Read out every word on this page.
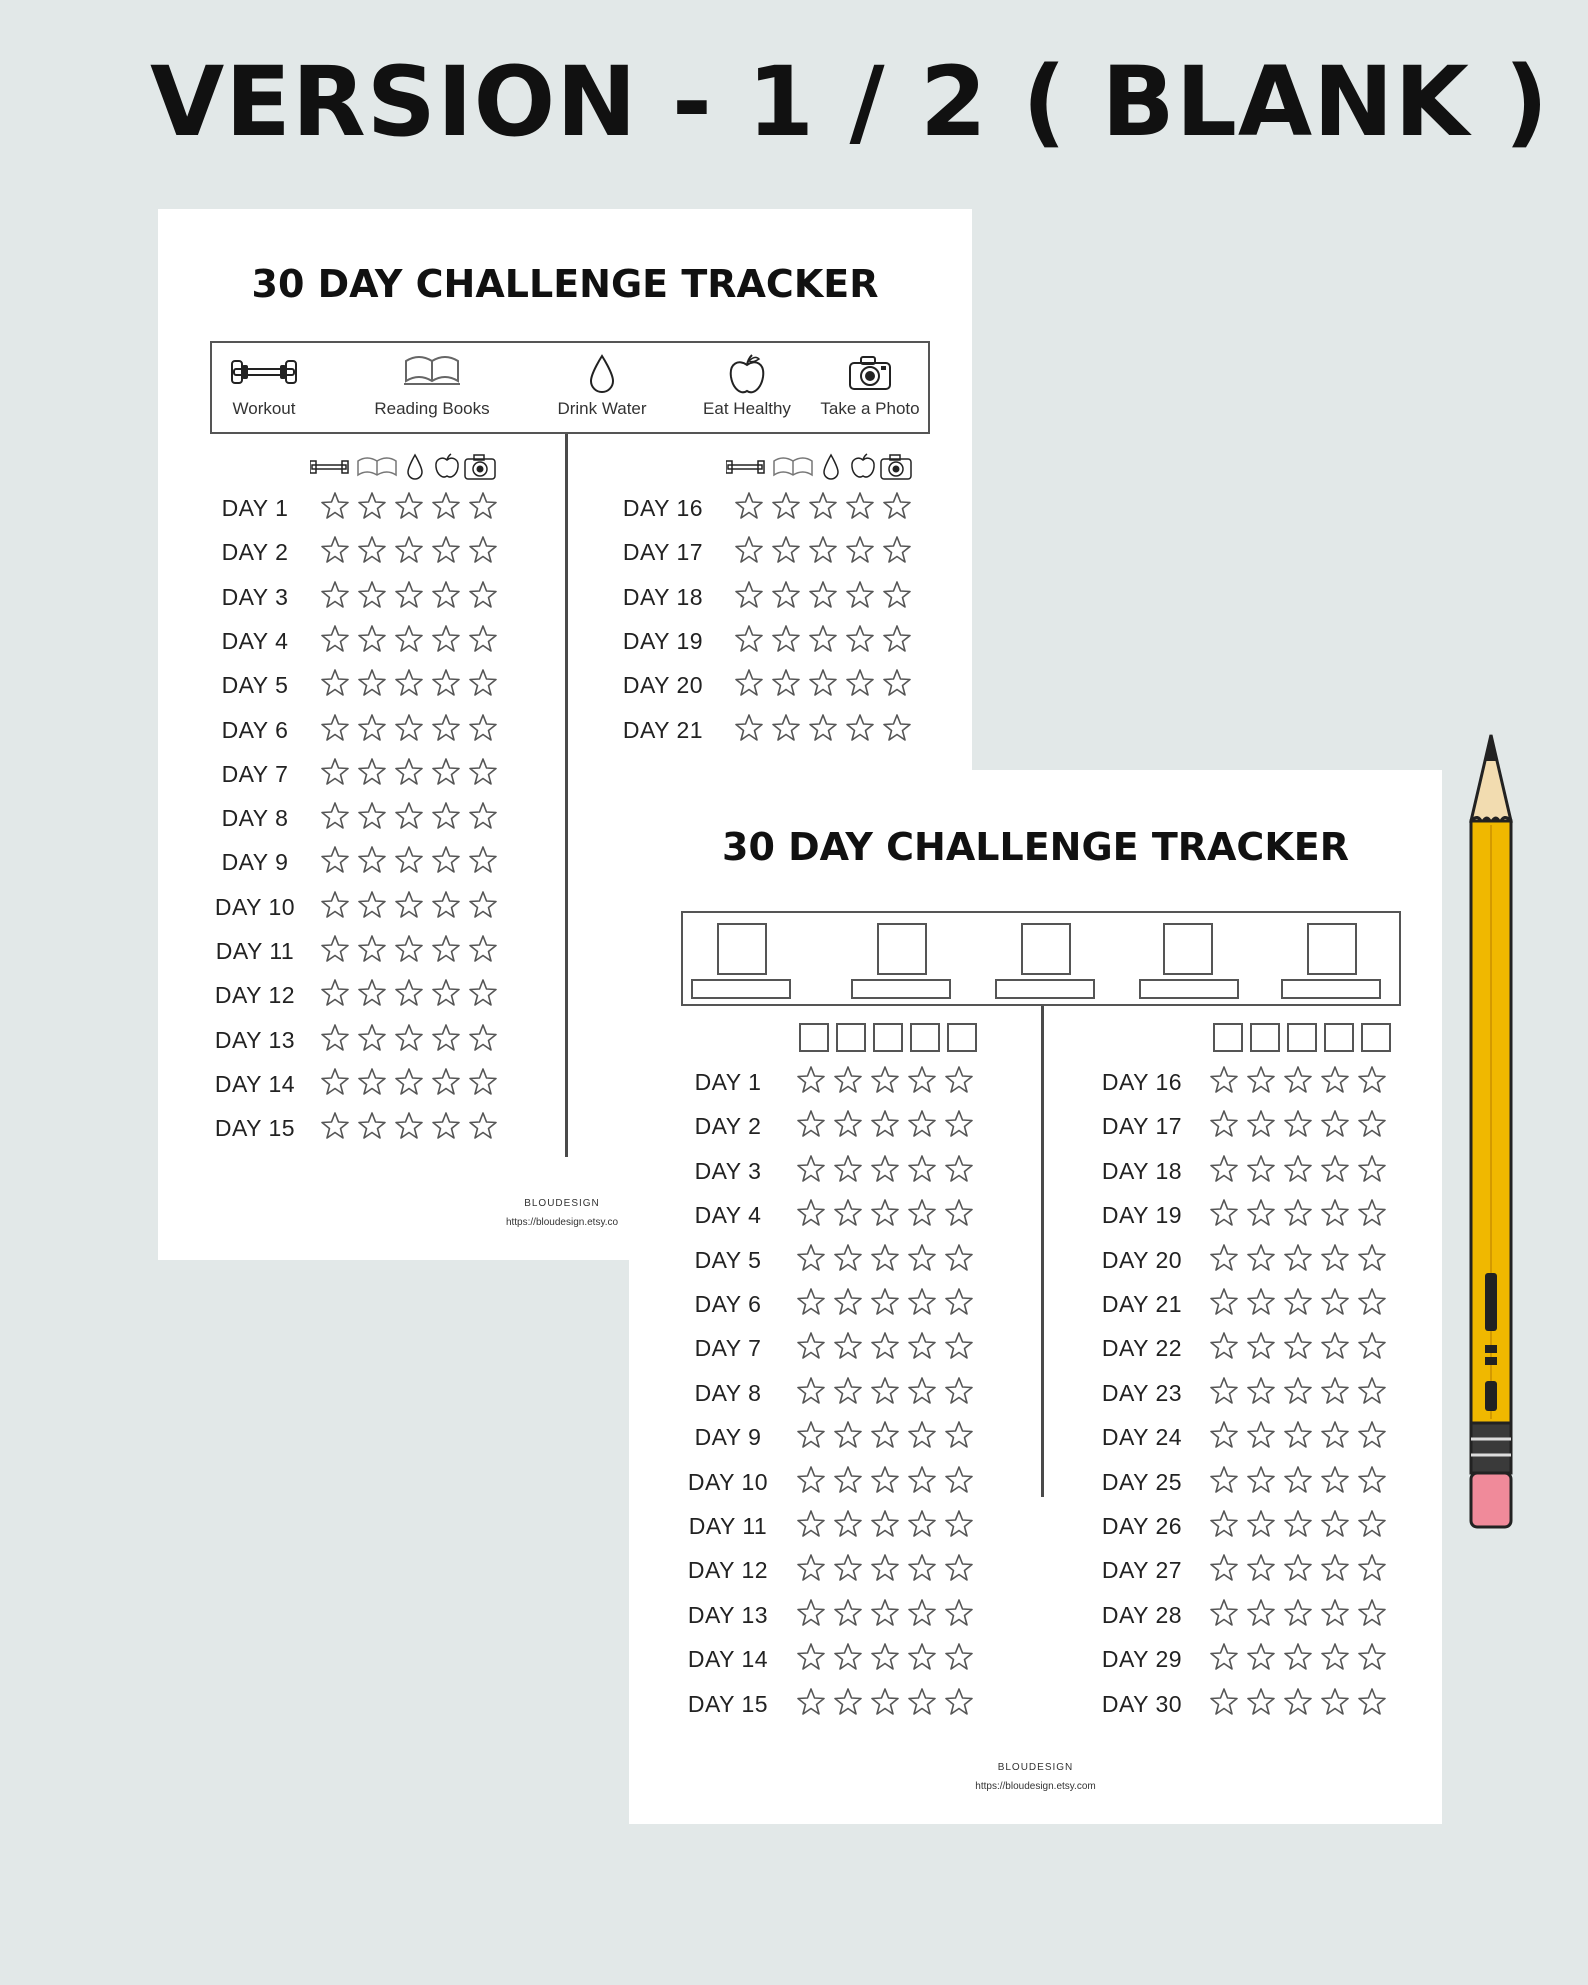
VERSION - 1 / 2 ( BLANK )
30 DAY CHALLENGE TRACKER
Workout	Reading Books	Drink Water	Eat Healthy	Take a Photo
DAY 1
DAY 2
DAY 3
DAY 4
DAY 5
DAY 6
DAY 7
DAY 8
DAY 9
DAY 10
DAY 11
DAY 12
DAY 13
DAY 14
DAY 15
DAY 16
DAY 17
DAY 18
DAY 19
DAY 20
DAY 21
BLOUDESIGN
https://bloudesign.etsy.co
30 DAY CHALLENGE TRACKER
DAY 1
DAY 2
DAY 3
DAY 4
DAY 5
DAY 6
DAY 7
DAY 8
DAY 9
DAY 10
DAY 11
DAY 12
DAY 13
DAY 14
DAY 15
DAY 16
DAY 17
DAY 18
DAY 19
DAY 20
DAY 21
DAY 22
DAY 23
DAY 24
DAY 25
DAY 26
DAY 27
DAY 28
DAY 29
DAY 30
BLOUDESIGN
https://bloudesign.etsy.com
